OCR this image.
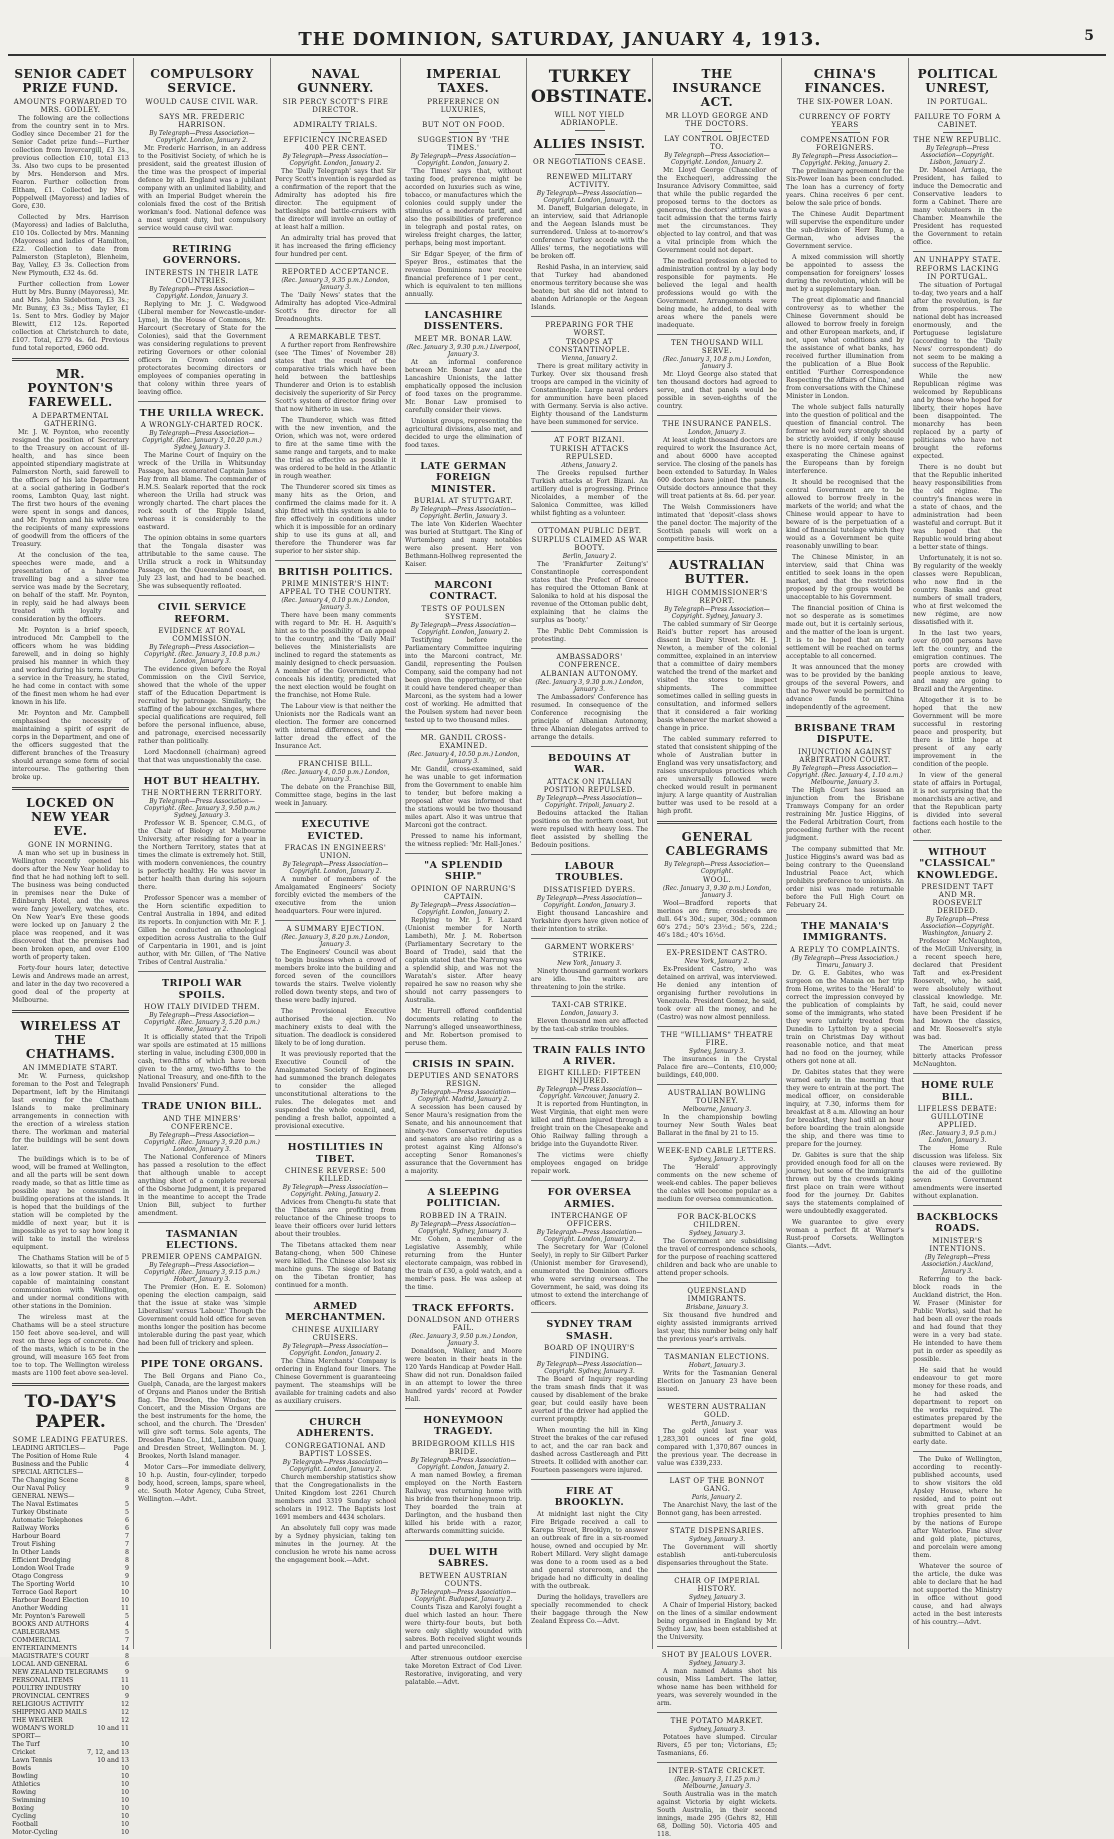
THE DOMINION, SATURDAY, JANUARY 4, 1913.	5
SENIOR CADET PRIZE FUND.
AMOUNTS FORWARDED TO MRS. GODLEY.
The following are the collections from the country sent in to Mrs. Godley since December 21 for the Senior Cadet prize fund:—Further collection from Invercargill, £3 3s., previous collection £10, total £13 3s. Also two cups to be presented by Mrs. Henderson and Mrs. Fearon. Further collection from Eltham, £1. Collected by Mrs. Poppelwell (Mayoress) and ladies of Gore, £30.
Collected by Mrs. Harrison (Mayoress) and ladies of Balclutha, £10 10s. Collected by Mrs. Manning (Mayoress) and ladies of Hamilton, £22. Collection to date from Palmerston (Stapleton), Blenheim, Bay, Valley, £3 3s. Collection from New Plymouth, £32 4s. 6d.
Further collection from Lower Hutt by Mrs. Bunny (Mayoress), Mr. and Mrs. John Sidebottom, £3 3s.; Mr. Bunny, £3 3s.; Miss Tayler, £1 1s. Sent to Mrs. Godley by Major Blewitt, £12 12s. Reported collection at Christchurch to date, £107. Total, £279 4s. 6d. Previous fund total reported, £960 odd.
MR. POYNTON'S FAREWELL.
A DEPARTMENTAL GATHERING.
Mr. J. W. Poynton, who recently resigned the position of Secretary to the Treasury on account of ill-health, and has since been appointed stipendiary magistrate at Palmerston North, said farewell to the officers of his late Department at a social gathering in Godber's rooms, Lambton Quay, last night. The first two hours of the evening were spent in songs and dances, and Mr. Poynton and his wife were the recipients of many expressions of goodwill from the officers of the Treasury.
At the conclusion of the tea, speeches were made, and a presentation of a handsome travelling bag and a silver tea service was made by the Secretary, on behalf of the staff. Mr. Poynton, in reply, said he had always been treated with loyalty and consideration by the officers.
Mr. Poynton is a brief speech, introduced Mr. Campbell to the officers whom he was bidding farewell, and in doing so highly praised his manner in which they and worked during his term. During a service in the Treasury, he stated, he had come in contact with some of the finest men whom he had ever known in his life.
Mr. Poynton and Mr. Campbell emphasised the necessity of maintaining a spirit of esprit de corps in the Department, and one of the officers suggested that the different branches of the Treasury should arrange some form of social intercourse. The gathering then broke up.
LOCKED ON NEW YEAR EVE.
GONE IN MORNING.
A man who set up in business in Wellington recently opened his doors after the New Year holiday to find that he had nothing left to sell. The business was being conducted in premises near the Duke of Edinburgh Hotel, and the wares were fancy jewellery, watches, etc. On New Year's Eve these goods were locked up on January 2 the place was reopened, and it was discovered that the premises had been broken open, and over £100 worth of property taken.
Forty-four hours later, detective Lewis and Andrews made an arrest, and later in the day two recovered a good deal of the property at Melbourne.
WIRELESS AT THE CHATHAMS.
AN IMMEDIATE START.
Mr. W. Furness, quickshop foreman to the Post and Telegraph Department, left by the Himitangi last evening for the Chatham Islands to make preliminary arrangements in connection with the erection of a wireless station there. The workman and material for the buildings will be sent down later.
The buildings which is to be of wood, will be framed at Wellington, and all the parts will be sent down ready made, so that as little time as possible may be consumed in building operations at the islands. It is hoped that the buildings of the station will be completed by the middle of next year, but it is impossible as yet to say how long it will take to install the wireless equipment.
The Chathams Station will be of 5 kilowatts, so that it will be graded as a low power station. It will be capable of maintaining constant communication with Wellington, and under normal conditions with other stations in the Dominion.
The wireless mast at the Chathams will be a steel structure 150 feet above sea-level, and will rest on three legs of concrete. One of the masts, which is to be in the ground, will measure 165 feet from toe to top. The Wellington wireless masts are 1100 feet above sea-level.
TO-DAY'S PAPER.
SOME LEADING FEATURES.
LEADING ARTICLES—	Page
The Position of Home Rule	4
Business and the Public	4
SPECIAL ARTICLES—
The Changing Scene	8
Our Naval Policy	9
GENERAL NEWS—
The Naval Estimates	5
Turkey Obstinate	5
Automatic Telephones	6
Railway Works	6
Harbour Board	7
Trout Fishing	7
In Other Lands	8
Efficient Dredging	8
London Wool Trade	9
Otago Congress	9
The Sporting World	10
Terrace Gaol Report	10
Harbour Board Election	10
Another Wedding	11
Mr. Poynton's Farewell	5
BOOKS AND AUTHORS	4
CABLEGRAMS	5
COMMERCIAL	7
ENTERTAINMENTS	14
MAGISTRATE'S COURT	8
LOCAL AND GENERAL	6
NEW ZEALAND TELEGRAMS	9
PERSONAL ITEMS	11
POULTRY INDUSTRY	10
PROVINCIAL CENTRES	9
RELIGIOUS ACTIVITY	12
SHIPPING AND MAILS	12
THE WEATHER	12
WOMAN'S WORLD	10 and 11
SPORT—
The Turf	10
Cricket	7, 12, and 13
Lawn Tennis	10 and 13
Bowls	10
Bowling	10
Athletics	10
Rowing	10
Swimming	10
Boxing	10
Cycling	10
Football	10
Motor-Cycling	10
COMPULSORY SERVICE.
WOULD CAUSE CIVIL WAR.
SAYS MR. FREDERIC HARRISON.
By Telegraph—Press Association—Copyright. London, January 2.
Mr. Frederic Harrison, in an address to the Positivist Society, of which he is president, said the greatest illusion of the time was the prospect of imperial defence by all. England was a jubilant company with an unlimited liability, and with an Imperial Budget wherein the colonials fixed the cost of the British workman's food. National defence was a most urgent duty, but compulsory service would cause civil war.
RETIRING GOVERNORS.
INTERESTS IN THEIR LATE COUNTRIES.
By Telegraph—Press Association—Copyright. London, January 3.
Replying to Mr. J. C. Wedgwood (Liberal member for Newcastle-under-Lyme), in the House of Commons, Mr. Harcourt (Secretary of State for the Colonies), said that the Government was considering regulations to prevent retiring Governors or other colonial officers in Crown colonies and protectorates becoming directors or employees of companies operating in that colony within three years of leaving office.
THE URILLA WRECK.
A WRONGLY-CHARTED ROCK.
By Telegraph—Press Association—Copyright. (Rec. January 3, 10.20 p.m.) Sydney, January 3.
The Marine Court of Inquiry on the wreck of the Urilla in Whitsunday Passage, has exonerated Captain James Hay from all blame. The commander of H.M.S. Sealark reported that the rock whereon the Urilla had struck was wrongly charted. The chart places the rock south of the Ripple Island, whereas it is considerably to the eastward.
The opinion obtains in some quarters that the Tongala disaster was attributable to the same cause. The Urilla struck a rock in Whitsunday Passage, on the Queensland coast, on July 23 last, and had to be beached. She was subsequently refloated.
CIVIL SERVICE REFORM.
EVIDENCE AT ROYAL COMMISSION.
By Telegraph—Press Association—Copyright. (Rec. January 3, 10.8 p.m.) London, January 3.
The evidence given before the Royal Commission on the Civil Service, showed that the whole of the upper staff of the Education Department is recruited by patronage. Similarly, the staffing of the labour exchanges, where special qualifications are required, fell before the personal influence, abuse, and patronage, exercised necessarily rather than politically.
Lord Macdonnell (chairman) agreed that that was unquestionably the case.
HOT BUT HEALTHY.
THE NORTHERN TERRITORY.
By Telegraph—Press Association—Copyright. (Rec. January 3, 9.50 p.m.) Sydney, January 3.
Professor W. B. Spencer, C.M.G., of the Chair of Biology at Melbourne University, after residing for a year in the Northern Territory, states that at times the climate is extremely hot. Still, with modern conveniences, the country is perfectly healthy. He was never in better health than during his sojourn there.
Professor Spencer was a member of the Horn scientific expedition to Central Australia in 1894, and edited its reports. In conjunction with Mr. F. J. Gillen he conducted an ethnological expedition across Australia to the Gulf of Carpentaria in 1901, and is joint author, with Mr. Gillen, of 'The Native Tribes of Central Australia.'
TRIPOLI WAR SPOILS.
HOW ITALY DIVIDED THEM.
By Telegraph—Press Association—Copyright. (Rec. January 3, 5.20 p.m.) Rome, January 2.
It is officially stated that the Tripoli war spoils are estimated at 15 millions sterling in value, including £300,000 in cash, two-fifths of which have been given to the army, two-fifths to the National Treasury, and one-fifth to the Invalid Pensioners' Fund.
TRADE UNION BILL.
AND THE MINERS' CONFERENCE.
By Telegraph—Press Association—Copyright. (Rec. January 3, 9.20 p.m.) London, January 3.
The National Conference of Miners has passed a resolution to the effect that although unable to accept anything short of a complete reversal of the Osborne Judgment, it is prepared in the meantime to accept the Trade Union Bill, subject to further amendment.
TASMANIAN ELECTIONS.
PREMIER OPENS CAMPAIGN.
By Telegraph—Press Association—Copyright. (Rec. January 3, 9.15 p.m.) Hobart, January 3.
The Premier (Hon. E. E. Solomon) opening the election campaign, said that the issue at stake was 'simple Liberalism' versus 'Labour.' Though the Government could hold office for seven months longer the position has become intolerable during the past year, which had been full of trickery and spleen.
PIPE TONE ORGANS.
The Bell Organs and Piano Co., Guelph, Canada, are the largest makers of Organs and Pianos under the British flag. The Dresden, the Windsor, the Concert, and the Mission Organs are the best instruments for the home, the school, and the church. The 'Dresden' will give soft terms. Sole agents, The Dresden Piano Co., Ltd., Lambton Quay, and Dresden Street, Wellington. M. J. Brookes, North Island manager.
Motor Cars—For immediate delivery, 10 h.p. Austin, four-cylinder, torpedo body, hood, screen, lamps, spare wheel, etc. South Motor Agency, Cuba Street, Wellington.—Advt.
NAVAL GUNNERY.
SIR PERCY SCOTT'S FIRE DIRECTOR.
ADMIRALTY TRIALS.
EFFICIENCY INCREASED 400 PER CENT.
By Telegraph—Press Association—Copyright. London, January 2.
The 'Daily Telegraph' says that Sir Percy Scott's invention is regarded as a confirmation of the report that the Admiralty has adopted his fire director. The equipment of battleships and battle-cruisers with the director will involve an outlay of at least half a million.
An admiralty trial has proved that it has increased the firing efficiency four hundred per cent.
REPORTED ACCEPTANCE.
(Rec. January 3, 9.35 p.m.) London, January 3.
The 'Daily News' states that the Admiralty has adopted Vice-Admiral Scott's fire director for all Dreadnoughts.
A REMARKABLE TEST.
A further report from Renfrewshire (see 'The Times' of November 28) states that the result of the comparative trials which have been held between the battleships Thunderer and Orion is to establish decisively the superiority of Sir Percy Scott's system of director firing over that now hitherto in use.
The Thunderer, which was fitted with the new invention, and the Orion, which was not, were ordered to fire at the same time with the same range and targets, and to make the trial as effective as possible it was ordered to be held in the Atlantic in rough weather.
The Thunderer scored six times as many hits as the Orion, and confirmed the claims made for it. A ship fitted with this system is able to fire effectively in conditions under which it is impossible for an ordinary ship to use its guns at all, and therefore the Thunderer was far superior to her sister ship.
BRITISH POLITICS.
PRIME MINISTER'S HINT: APPEAL TO THE COUNTRY.
(Rec. January 4, 0.10 p.m.) London, January 3.
There have been many comments with regard to Mr. H. H. Asquith's hint as to the possibility of an appeal to the country, and the 'Daily Mail' believes the Ministerialists are inclined to regard the statements as mainly designed to check persuasion. A member of the Government, who conceals his identity, predicted that the next election would be fought on the franchise, not Home Rule.
The Labour view is that neither the Unionists nor the Radicals want an election. The former are concerned with internal differences, and the latter dread the effect of the Insurance Act.
FRANCHISE BILL.
(Rec. January 4, 0.50 p.m.) London, January 3.
The debate on the Franchise Bill, Committee stage, begins in the last week in January.
EXECUTIVE EVICTED.
FRACAS IN ENGINEERS' UNION.
By Telegraph—Press Association—Copyright. London, January 2.
A number of members of the Amalgamated Engineers' Society forcibly evicted the members of the executive from the union headquarters. Four were injured.
A SUMMARY EJECTION.
(Rec. January 3, 8.20 p.m.) London, January 3.
The Engineers' Council was about to begin business when a crowd of members broke into the building and forced seven of the councillors towards the stairs. Twelve violently rolled down twenty steps, and two of these were badly injured.
The Provisional Executive authorised the ejection. No machinery exists to deal with the situation. The deadlock is considered likely to be of long duration.
It was previously reported that the Executive Council of the Amalgamated Society of Engineers had summoned the branch delegates to consider the alleged unconstitutional alterations to the rules. The delegates met and suspended the whole council, and, pending a fresh ballot, appointed a provisional executive.
HOSTILITIES IN TIBET.
CHINESE REVERSE: 500 KILLED.
By Telegraph—Press Association—Copyright. Peking, January 2.
Advices from Chengtu-fu state that the Tibetans are profiting from reluctance of the Chinese troops to leave their officers over lurid letters about their troubles.
The Tibetans attacked them near Batang-chong, when 500 Chinese were killed. The Chinese also lost six machine guns. The siege of Batang on the Tibetan frontier, has continued for a month.
ARMED MERCHANTMEN.
CHINESE AUXILIARY CRUISERS.
By Telegraph—Press Association—Copyright. London, January 2.
The China Merchants' Company is ordering in England four liners. The Chinese Government is guaranteeing payment. The steamships will be available for training cadets and also as auxiliary cruisers.
CHURCH ADHERENTS.
CONGREGATIONAL AND BAPTIST LOSSES.
By Telegraph—Press Association—Copyright. London, January 2.
Church membership statistics show that the Congregationalists in the United Kingdom lost 2261 Church members and 3319 Sunday school scholars in 1912. The Baptists lost 1691 members and 4434 scholars.
An absolutely full copy was made by a Sydney physician, taking ten minutes in the journey. At the conclusion he wrote his name across the engagement book.—Advt.
IMPERIAL TAXES.
PREFERENCE ON LUXURIES,
BUT NOT ON FOOD.
SUGGESTION BY 'THE TIMES.'
By Telegraph—Press Association—Copyright. London, January 2.
'The Times' says that, without taxing food, preference might be accorded on luxuries such as wine, tobacco, or manufactures which the colonies could supply under the stimulus of a moderate tariff, and also the possibilities of preference in telegraph and postal rates, on wireless freight charges, the latter, perhaps, being most important.
Sir Edgar Speyer, of the firm of Speyer Bros., estimates that the revenue Dominions now receive financial preference of 1 per cent., which is equivalent to ten millions annually.
LANCASHIRE DISSENTERS.
MEET MR. BONAR LAW.
(Rec. January 3, 9.30 p.m.) Liverpool, January 3.
At an informal conference between Mr. Bonar Law and the Lancashire Unionists, the latter emphatically opposed the inclusion of food taxes on the programme. Mr. Bonar Law promised to carefully consider their views.
Unionist groups, representing the agricultural divisions, also met, and decided to urge the elimination of food taxes.
LATE GERMAN FOREIGN MINISTER.
BURIAL AT STUTTGART.
By Telegraph—Press Association—Copyright. Berlin, January 3.
The late Von Kiderlen Waechter was buried at Stuttgart. The King of Wurtemberg and many notables were also present. Herr von Bethmann-Hollweg represented the Kaiser.
MARCONI CONTRACT.
TESTS OF POULSEN SYSTEM.
By Telegraph—Press Association—Copyright. London, January 2.
Testifying before the Parliamentary Committee inquiring into the Marconi contract, Mr. Gandil, representing the Poulsen Company, said the company had not been given the opportunity, or else it could have tendered cheaper than Marconi, as the system had a lower cost of working. He admitted that the Poulsen system had never been tested up to two thousand miles.
MR. GANDIL CROSS-EXAMINED.
(Rec. January 4, 10.50 p.m.) London, January 3.
Mr. Gandil, cross-examined, said he was unable to get information from the Government to enable him to tender, but before making a proposal after was informed that the stations would be two thousand miles apart. Also it was untrue that Marconi got the contract.
Pressed to name his informant, the witness replied: 'Mr. Hall-Jones.'
"A SPLENDID SHIP."
OPINION OF NARRUNG'S CAPTAIN.
By Telegraph—Press Association—Copyright. London, January 2.
Replying to Mr. J. F. Lazard (Unionist member for North Lambeth), Mr. J. M. Robertson (Parliamentary Secretary to the Board of Trade), said that the captain stated that the Narrung was a splendid ship, and was not the Waratah's sister. After heavy repaired he saw no reason why she should not carry passengers to Australia.
Mr. Hurrell offered confidential documents relating to the Narrung's alleged unseaworthiness, and Mr. Robertson promised to peruse them.
CRISIS IN SPAIN.
DEPUTIES AND SENATORS RESIGN.
By Telegraph—Press Association—Copyright. Madrid, January 2.
A secession has been caused by Senor Maura's resignation from the Senate, and his announcement that ninety-two Conservative deputies and senators are also retiring as a protest against King Alfonso's accepting Senor Romanones's assurance that the Government has a majority.
A SLEEPING POLITICIAN.
ROBBED IN A TRAIN.
By Telegraph—Press Association—Copyright. Sydney, January 3.
Mr. Cohen, a member of the Legislative Assembly, while returning from the Hunter electorate campaign, was robbed in the train of £30, a gold watch, and a member's pass. He was asleep at the time.
TRACK EFFORTS.
DONALDSON AND OTHERS FAIL.
(Rec. January 3, 9.50 p.m.) London, January 3.
Donaldson, Walker, and Moore were beaten in their heats in the 120 Yards Handicap at Powder Hall. Shaw did not run. Donaldson failed in an attempt to lower the three hundred yards' record at Powder Hall.
HONEYMOON TRAGEDY.
BRIDEGROOM KILLS HIS BRIDE.
By Telegraph—Press Association—Copyright. London, January 2.
A man named Bowley, a fireman employed on the North Eastern Railway, was returning home with his bride from their honeymoon trip. They boarded the train at Darlington, and the husband then killed his bride with a razor, afterwards committing suicide.
DUEL WITH SABRES.
BETWEEN AUSTRIAN COUNTS.
By Telegraph—Press Association—Copyright. Budapest, January 2.
Counts Tisza and Karolyi fought a duel which lasted an hour. There were thirty-four bouts, but both were only slightly wounded with sabres. Both received slight wounds and parted unreconciled.
After strenuous outdoor exercise take Moreton Extract of Cod Liver. Restorative, invigorating, and very palatable.—Advt.
TURKEY OBSTINATE.
WILL NOT YIELD ADRIANOPLE.
ALLIES INSIST.
OR NEGOTIATIONS CEASE.
RENEWED MILITARY ACTIVITY.
By Telegraph—Press Association—Copyright. London, January 2.
M. Daneff, Bulgarian delegate, in an interview, said that Adrianople and the Aegean Islands must be surrendered. Unless at to-morrow's conference Turkey accede with the Allies' terms, the negotiations will be broken off.
Reshid Pasha, in an interview, said that Turkey had abandoned enormous territory because she was beaten; but she did not intend to abandon Adrianople or the Aegean Islands.
PREPARING FOR THE WORST.
TROOPS AT CONSTANTINOPLE.
Vienna, January 2.
There is great military activity in Turkey. Over six thousand fresh troops are camped in the vicinity of Constantinople. Large naval orders for ammunition have been placed with Germany. Servia is also active. Eighty thousand of the Landsturm have been summoned for service.
AT FORT BIZANI.
TURKISH ATTACKS REPULSED.
Athens, January 2.
The Greeks repulsed further Turkish attacks at Fort Bizani. An artillery duel is progressing. Prince Nicolaides, a member of the Salonica Committee, was killed whilst fighting as a volunteer.
OTTOMAN PUBLIC DEBT.
SURPLUS CLAIMED AS WAR BOOTY.
Berlin, January 2.
The 'Frankfurter Zeitung's' Constantinople correspondent states that the Prefect of Greece has required the Ottoman Bank at Salonika to hold at his disposal the revenue of the Ottoman public debt, explaining that he claims the surplus as 'booty.'
The Public Debt Commission is protesting.
AMBASSADORS' CONFERENCE.
ALBANIAN AUTONOMY.
(Rec. January 3, 9.30 p.m.) London, January 3.
The Ambassadors' Conference has resumed. In consequence of the Conference recognising the principle of Albanian Autonomy, three Albanian delegates arrived to arrange the details.
BEDOUINS AT WAR.
ATTACK ON ITALIAN POSITION REPULSED.
By Telegraph—Press Association—Copyright. Tripoli, January 2.
Bedouins attacked the Italian positions on the northern coast, but were repulsed with heavy loss. The fleet assisted by shelling the Bedouin positions.
LABOUR TROUBLES.
DISSATISFIED DYERS.
By Telegraph—Press Association—Copyright. London, January 3.
Eight thousand Lancashire and Yorkshire dyers have given notice of their intention to strike.
GARMENT WORKERS' STRIKE.
New York, January 3.
Ninety thousand garment workers are idle. The waiters are threatening to join the strike.
TAXI-CAB STRIKE.
London, January 3.
Eleven thousand men are affected by the taxi-cab strike troubles.
TRAIN FALLS INTO A RIVER.
EIGHT KILLED: FIFTEEN INJURED.
By Telegraph—Press Association—Copyright. Vancouver, January 2.
It is reported from Huntington, in West Virginia, that eight men were killed and fifteen injured through a freight train on the Chesapeake and Ohio Railway falling through a bridge into the Guyandotte River.
The victims were chiefly employees engaged on bridge repair work.
FOR OVERSEA ARMIES.
INTERCHANGE OF OFFICERS.
By Telegraph—Press Association—Copyright. London, January 2.
The Secretary for War (Colonel Seely), in reply to Sir Gilbert Parker (Unionist member for Gravesend), enumerated the Dominion officers who were serving overseas. The Government, he said, was doing its utmost to extend the interchange of officers.
SYDNEY TRAM SMASH.
BOARD OF INQUIRY'S FINDING.
By Telegraph—Press Association—Copyright. Sydney, January 3.
The Board of Inquiry regarding the tram smash finds that it was caused by disablement of the brake gear, but could easily have been averted if the driver had applied the current promptly.
When mounting the hill in King Street the brakes of the car refused to act, and the car ran back and dashed across Castlereagh and Pitt Streets. It collided with another car. Fourteen passengers were injured.
FIRE AT BROOKLYN.
At midnight last night the City Fire Brigade received a call to Karepa Street, Brooklyn, to answer an outbreak of fire in a six-roomed house, owned and occupied by Mr. Robert Millard. Very slight damage was done to a room used as a bed and general storeroom, and the brigade had no difficulty in dealing with the outbreak.
During the holidays, travellers are specially recommended to check their baggage through the New Zealand Express Co.—Advt.
THE INSURANCE ACT.
MR LLOYD GEORGE AND THE DOCTORS.
LAY CONTROL OBJECTED TO.
By Telegraph—Press Association—Copyright. London, January 2.
Mr. Lloyd George (Chancellor of the Exchequer), addressing the Insurance Advisory Committee, said that while the public regarded the proposed terms to the doctors as generous, the doctors' attitude was a tacit admission that the terms fairly met the circumstances. They objected to lay control, and that was a vital principle from which the Government could not depart.
The medical profession objected to administration control by a lay body responsible for payments. He believed the legal and health professions would go with the Government. Arrangements were being made, he added, to deal with areas where the panels were inadequate.
TEN THOUSAND WILL SERVE.
(Rec. January 3, 10.8 p.m.) London, January 3.
Mr. Lloyd George also stated that ten thousand doctors had agreed to serve, and that panels would be possible in seven-eighths of the country.
THE INSURANCE PANELS.
London, January 3.
At least eight thousand doctors are required to work the Insurance Act, and about 6000 have accepted service. The closing of the panels has been extended to Saturday. In Wales 600 doctors have joined the panels. Outside doctors announce that they will treat patients at 8s. 6d. per year.
The Welsh Commissioners have intimated that 'deposit'-class shows the panel doctor. The majority of the Scottish panels will work on a competitive basis.
AUSTRALIAN BUTTER.
HIGH COMMISSIONER'S REPORT.
By Telegraph—Press Association—Copyright. Sydney, January 3.
The cabled summary of Sir George Reid's butter report has aroused dissent in Dairy Street. Mr. H. J. Newton, a member of the colonial committee, explained in an interview that a committee of dairy members watched the trend of the market and visited the stores to inspect shipments. The committee sometimes called in selling guests in consultation, and informed sellers that it considered a fair working basis whenever the market showed a change in price.
The cabled summary referred to stated that consistent shipping of the whole of Australian butter in England was very unsatisfactory, and raises unscrupulous practices which are universally followed were checked would result in permanent injury. A large quantity of Australian butter was used to be resold at a high profit.
GENERAL CABLEGRAMS
By Telegraph—Press Association—Copyright.
WOOL.
(Rec. January 3, 9.30 p.m.) London, January 3.
Wool—Bradford reports that merinos are firm; crossbreds are dull. 64's 30d.; super, 30d.; common 60's 27d.; 50's 23½d.; 56's, 22d.; 46's 18d.; 40's 16½d.
EX-PRESIDENT CASTRO.
New York, January 2.
Ex-President Castro, who was detained on arrival, was interviewed. He denied any intention of organising further revolutions in Venezuela. President Gomez, he said, took over all the money, and he (Castro) was now almost penniless.
THE "WILLIAMS" THEATRE FIRE.
Sydney, January 3.
The insurances in the Crystal Palace fire are—Contents, £10,000; buildings, £40,000.
AUSTRALIAN BOWLING TOURNEY.
Melbourne, January 3.
In the championship bowling tourney New South Wales beat Ballarat in the final by 21 to 15.
WEEK-END CABLE LETTERS.
Sydney, January 3.
The 'Herald' approvingly comments on the new scheme of week-end cables. The paper believes the cables will become popular as a medium for oversea communication.
FOR BACK-BLOCKS CHILDREN.
Sydney, January 3.
The Government are subsidising the travel of correspondence schools, for the purpose of reaching scattered children and back who are unable to attend proper schools.
QUEENSLAND IMMIGRANTS.
Brisbane, January 3.
Six thousand five hundred and eighty assisted immigrants arrived last year, this number being only half the previous year's arrivals.
TASMANIAN ELECTIONS.
Hobart, January 3.
Writs for the Tasmanian General Election on January 23 have been issued.
WESTERN AUSTRALIAN GOLD.
Perth, January 3.
The gold yield last year was 1,283,301 ounces of fine gold, compared with 1,370,867 ounces in the previous year. The decrease in value was £339,233.
LAST OF THE BONNOT GANG.
Paris, January 2.
The Anarchist Navy, the last of the Bonnot gang, has been arrested.
STATE DISPENSARIES.
Sydney, January 3.
The Government will shortly establish anti-tuberculosis dispensaries throughout the State.
CHAIR OF IMPERIAL HISTORY.
Sydney, January 3.
A Chair of Imperial History, backed on the lines of a similar endowment being organised in England by Mr. Sydney Law, has been established at the University.
SHOT BY JEALOUS LOVER.
Sydney, January 3.
A man named Adams shot his cousin, Miss Lambert. The latter, whose name has been withheld for years, was severely wounded in the arm.
THE POTATO MARKET.
Sydney, January 3.
Potatoes have slumped. Circular Rivers, £5 per ton; Victorians, £5; Tasmanians, £6.
INTER-STATE CRICKET.
(Rec. January 3, 11.25 p.m.) Melbourne, January 3.
South Australia was in the match against Victoria by eight wickets. South Australia, in their second innings, made 295 (Gehrs 82, Hill 68, Dolling 50). Victoria 405 and 118.
CHINA'S FINANCES.
THE SIX-POWER LOAN.
CURRENCY OF FORTY YEARS
COMPENSATION FOR FOREIGNERS.
By Telegraph—Press Association—Copyright. Peking, January 2.
The preliminary agreement for the Six-Power loan has been concluded. The loan has a currency of forty years. China receives 6 per cent. below the sale price of bonds.
The Chinese Audit Department will supervise the expenditure under the sub-division of Herr Rump, a German, who advises the Government service.
A mixed commission will shortly be appointed to assess the compensation for foreigners' losses during the revolution, which will be met by a supplementary loan.
The great diplomatic and financial controversy as to whether the Chinese Government should be allowed to borrow freely in foreign and other European markets, and, if not, upon what conditions and by the assistance of what banks, has received further illumination from the publication of a Blue Book entitled 'Further Correspondence Respecting the Affairs of China,' and from conversations with the Chinese Minister in London.
The whole subject falls naturally into the question of political and the question of financial control. The former we hold very strongly should be strictly avoided, if only because there is no more certain means of exasperating the Chinese against the Europeans than by foreign interference.
It should be recognised that the central Government are to be allowed to borrow freely in the markets of the world; and what the Chinese would appear to have to beware of is the perpetuation of a kind of financial tutelage which they would as a Government be quite reasonably unwilling to bear.
The Chinese Minister, in an interview, said that China was entitled to seek loans in the open market, and that the restrictions proposed by the groups would be unacceptable to his Government.
The financial position of China is not so desperate as is sometimes made out, but it is certainly serious, and the matter of the loan is urgent. It is to be hoped that an early settlement will be reached on terms acceptable to all concerned.
It was announced that the money was to be provided by the banking groups of the several Powers, and that no Power would be permitted to advance funds to China independently of the agreement.
BRISBANE TRAM DISPUTE.
INJUNCTION AGAINST ARBITRATION COURT.
By Telegraph—Press Association—Copyright. (Rec. January 4, 1.10 a.m.) Melbourne, January 3.
The High Court has issued an injunction from the Brisbane Tramways Company for an order restraining Mr. Justice Higgins, of the Federal Arbitration Court, from proceeding further with the recent judgment.
The company submitted that Mr. Justice Higgins's award was bad as being contrary to the Queensland Industrial Peace Act, which prohibits preference to unionists. An order nisi was made returnable before the Full High Court on February 24.
THE MANAIA'S IMMIGRANTS.
A REPLY TO COMPLAINTS.
(By Telegraph—Press Association.) Timaru, January 3.
Dr. G. E. Gabites, who was surgeon on the Manaia on her trip from Home, writes to the 'Herald' to correct the impression conveyed by the publication of complaints by some of the immigrants, who stated they were unfairly treated from Dunedin to Lyttelton by a special train on Christmas Day without reasonable notice, and that meat had no food on the journey, while others got none at all.
Dr. Gabites states that they were warned early in the morning that they were to entrain at the port. The medical officer, on considerable inquiry, at 7.30, informs them for breakfast at 8 a.m. Allowing an hour for breakfast, they had still an hour before boarding the train alongside the ship, and there was time to prepare for the journey.
Dr. Gabites is sure that the ship provided enough food for all on the journey, but some of the immigrants thrown out by the crowds taking first place on train were without food for the journey. Dr. Gabites says the statements complained of were undoubtedly exaggerated.
We guarantee to give every woman a perfect fit at Warner's Rust-proof Corsets. Wellington Giants.—Advt.
POLITICAL UNREST,
IN PORTUGAL.
FAILURE TO FORM A CABINET.
THE NEW REPUBLIC.
By Telegraph—Press Association—Copyright. Lisbon, January 2.
Dr. Manoel Arriaga, the President, has failed to induce the Democratic and Conservative leaders to form a Cabinet. There are many volunteers in the Chamber. Meanwhile the President has requested the Government to retain office.
AN UNHAPPY STATE.
REFORMS LACKING IN PORTUGAL.
The situation of Portugal to-day, two years and a half after the revolution, is far from prosperous. The national debt has increased enormously, and the Portuguese legislature (according to the 'Daily News' correspondent) do not seem to be making a success of the Republic.
While the new Republican régime was welcomed by Republicans and by those who hoped for liberty, their hopes have been disappointed. The monarchy has been replaced by a party of politicians who have not brought the reforms expected.
There is no doubt but that the Republic inherited heavy responsibilities from the old régime. The country's finances were in a state of chaos, and the administration had been wasteful and corrupt. But it was hoped that the Republic would bring about a better state of things.
Unfortunately, it is not so. By regularity of the weekly classes were Republican, who now find in the country. Banks and great numbers of small traders, who at first welcomed the new régime, are now dissatisfied with it.
In the last two years, over 60,000 persons have left the country, and the emigration continues. The ports are crowded with people anxious to leave, and many are going to Brazil and the Argentine.
Altogether it is to be hoped that the new Government will be more successful in restoring peace and prosperity, but there is little hope at present of any early improvement in the condition of the people.
In view of the general state of affairs in Portugal, it is not surprising that the monarchists are active, and that the Republican party is divided into several factions each hostile to the other.
WITHOUT "CLASSICAL" KNOWLEDGE.
PRESIDENT TAFT AND MR. ROOSEVELT DERIDED.
By Telegraph—Press Association—Copyright. Washington, January 2.
Professor McNaughton, of the McGill University, in a recent speech here, declared that President Taft and ex-President Roosevelt, who, he said, were absolutely without classical knowledge. Mr. Taft, he said, could never have been President if he had known the classics, and Mr. Roosevelt's style was bad.
The American press bitterly attacks Professor McNaughton.
HOME RULE BILL.
LIFELESS DEBATE: GUILLOTINE APPLIED.
(Rec. January 3, 9.5 p.m.) London, January 3.
The Home Rule discussion was lifeless. Six clauses were reviewed. By the aid of the guillotine seven Government amendments were inserted without explanation.
BACKBLOCKS ROADS.
MINISTER'S INTENTIONS.
(By Telegraph—Press Association.) Auckland, January 3.
Referring to the back-block roads in the Auckland district, the Hon. W. Fraser (Minister for Public Works), said that he had been all over the roads and had found that they were in a very bad state. He intended to have them put in order as speedily as possible.
He said that he would endeavour to get more money for these roads, and he had asked the department to report on the works required. The estimates prepared by the department would be submitted to Cabinet at an early date.
The Duke of Wellington, according to recently-published accounts, used to show visitors the old Apsley House, where he resided, and to point out with great pride the trophies presented to him by the nations of Europe after Waterloo. Fine silver and gold plate, pictures, and porcelain were among them.
Whatever the source of the article, the duke was able to declare that he had not supported the Ministry in office without good cause, and had always acted in the best interests of his country.—Advt.
